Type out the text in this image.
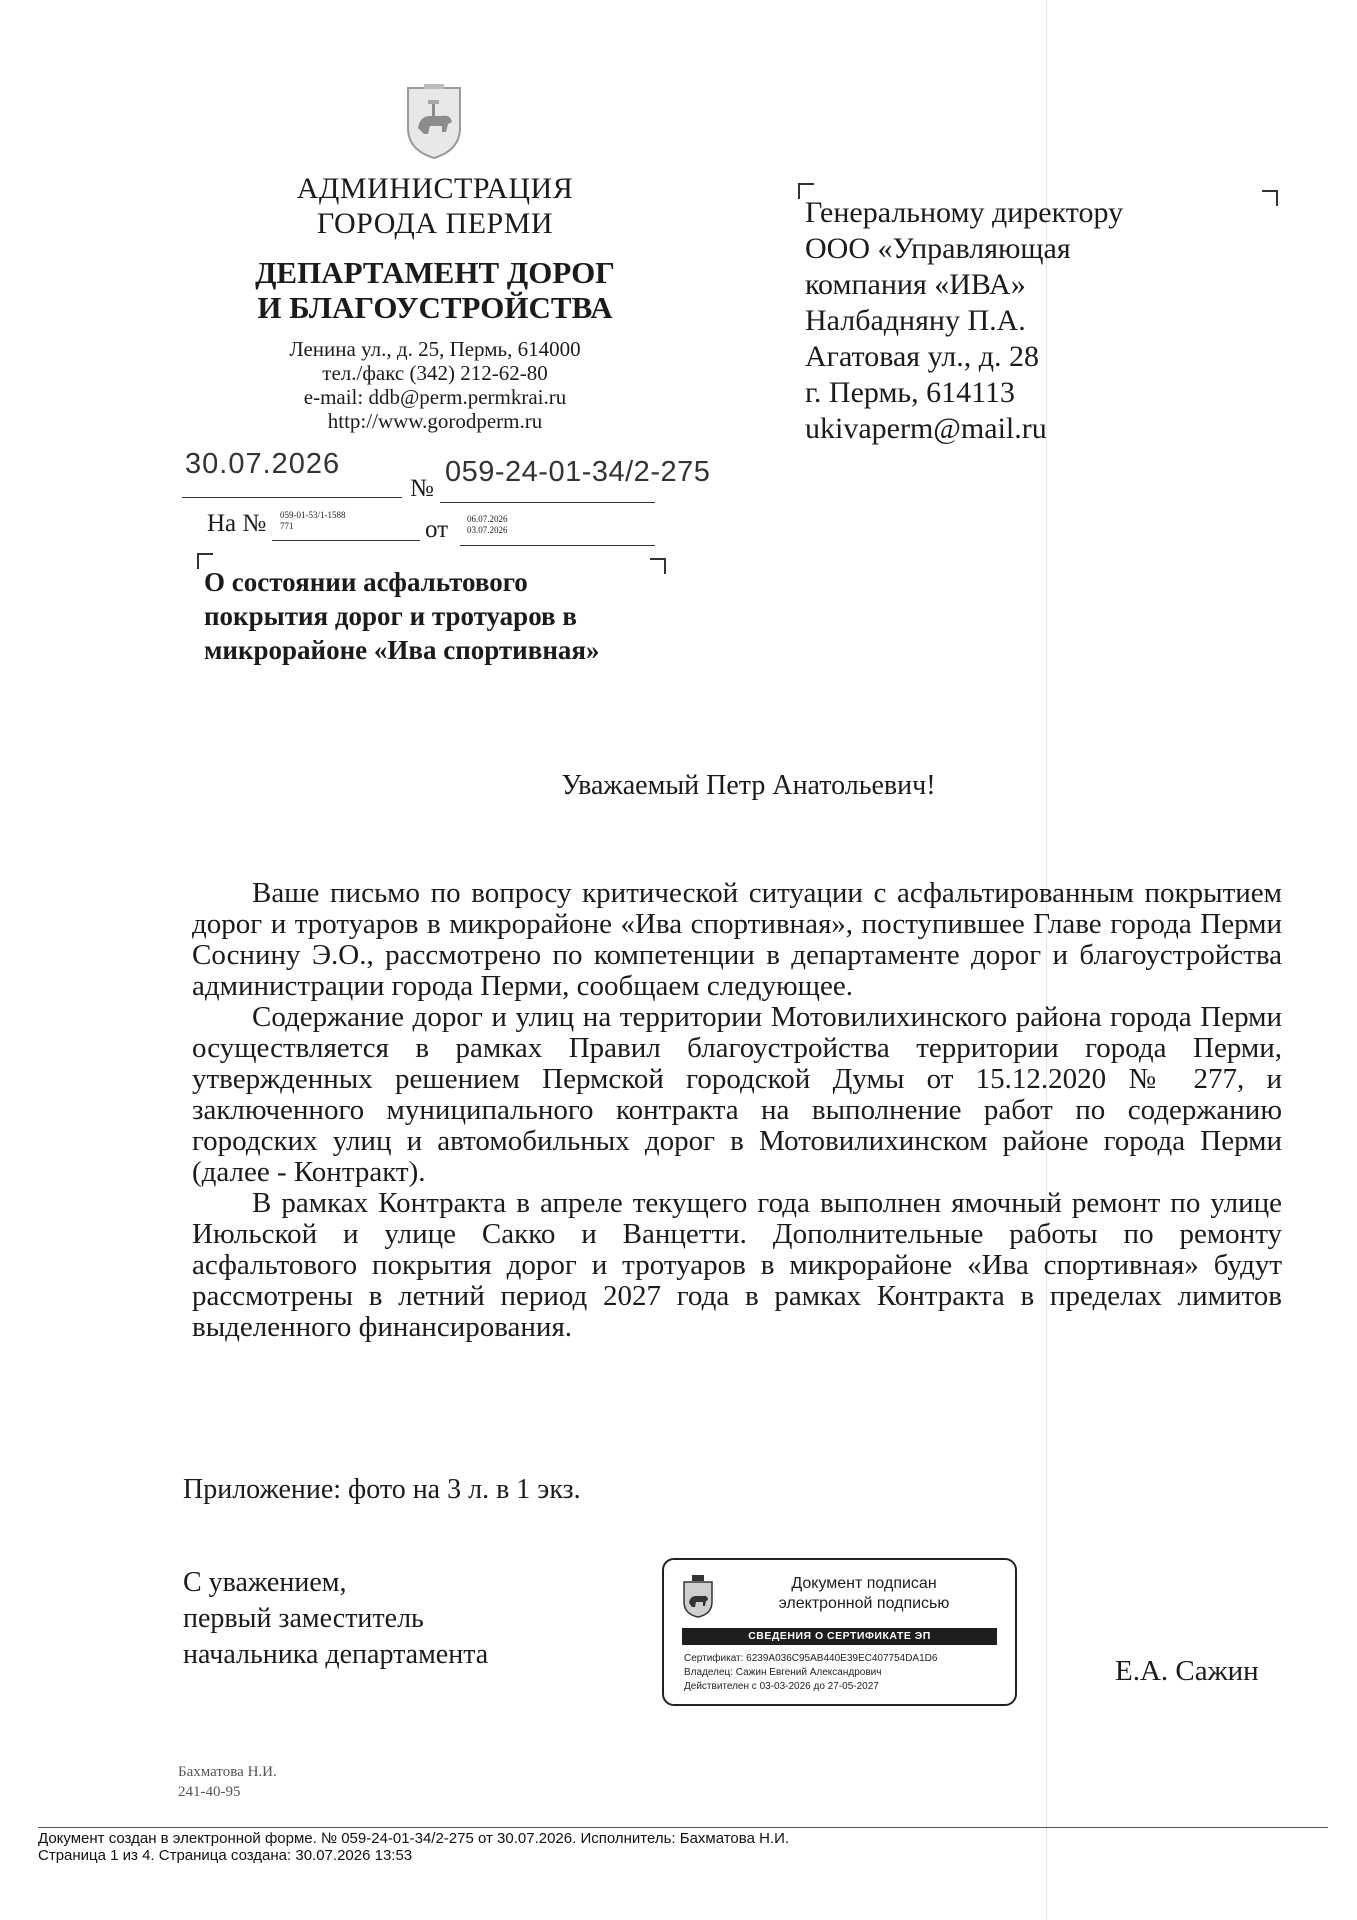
АДМИНИСТРАЦИЯ
ГОРОДА ПЕРМИ
ДЕПАРТАМЕНТ ДОРОГ
И БЛАГОУСТРОЙСТВА
Ленина ул., д. 25, Пермь, 614000
тел./факс (342) 212-62-80
e-mail: ddb@perm.permkrai.ru
http://www.gorodperm.ru
Генеральному директору
ООО «Управляющая
компания «ИВА»
Налбадняну П.А.
Агатовая ул., д. 28
г. Пермь, 614113
ukivaperm@mail.ru
30.07.2026
№
059-24-01-34/2-275
На № 059-01-53/1-1588
771	от 06.07.2026
03.07.2026
О состоянии асфальтового
покрытия дорог и тротуаров в
микрорайоне «Ива спортивная»
Уважаемый Петр Анатольевич!

Ваше письмо по вопросу критической ситуации с асфальтированным покрытием дорог и тротуаров в микрорайоне «Ива спортивная», поступившее Главе города Перми Соснину Э.О., рассмотрено по компетенции в департаменте дорог и благоустройства администрации города Перми, сообщаем следующее.

Содержание дорог и улиц на территории Мотовилихинского района города Перми осуществляется в рамках Правил благоустройства территории города Перми, утвержденных решением Пермской городской Думы от 15.12.2020 № 277, и заключенного муниципального контракта на выполнение работ по содержанию городских улиц и автомобильных дорог в Мотовилихинском районе города Перми (далее - Контракт).

В рамках Контракта в апреле текущего года выполнен ямочный ремонт по улице Июльской и улице Сакко и Ванцетти. Дополнительные работы по ремонту асфальтового покрытия дорог и тротуаров в микрорайоне «Ива спортивная» будут рассмотрены в летний период 2027 года в рамках Контракта в пределах лимитов выделенного финансирования.

Приложение: фото на 3 л. в 1 экз.
С уважением,
первый заместитель
начальника департамента
Документ подписан
электронной подписью
СВЕДЕНИЯ О СЕРТИФИКАТЕ ЭП
Сертификат: 6239A036C95AB440E39EC407754DA1D6
Владелец: Сажин Евгений Александрович
Действителен с 03-03-2026 до 27-05-2027	Е.А. Сажин
Бахматова Н.И.
241-40-95
Документ создан в электронной форме. № 059-24-01-34/2-275 от 30.07.2026. Исполнитель: Бахматова Н.И.
Страница 1 из 4. Страница создана: 30.07.2026 13:53
